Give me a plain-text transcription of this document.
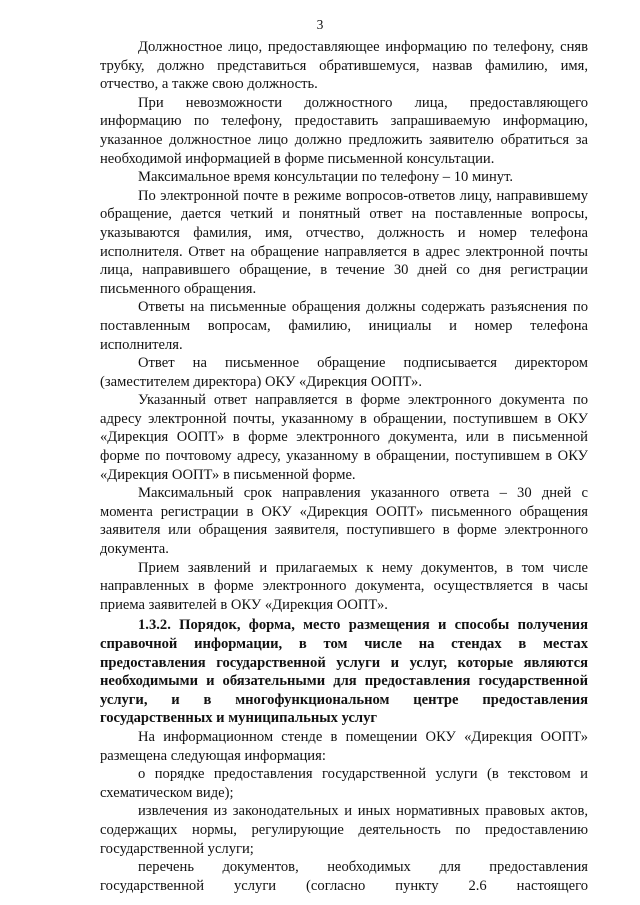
3

Должностное лицо, предоставляющее информацию по телефону, сняв трубку, должно представиться обратившемуся, назвав фамилию, имя, отчество, а также свою должность.

При невозможности должностного лица, предоставляющего информацию по телефону, предоставить запрашиваемую информацию, указанное должностное лицо должно предложить заявителю обратиться за необходимой информацией в форме письменной консультации.

Максимальное время консультации по телефону – 10 минут.

По электронной почте в режиме вопросов-ответов лицу, направившему обращение, дается четкий и понятный ответ на поставленные вопросы, указываются фамилия, имя, отчество, должность и номер телефона исполнителя. Ответ на обращение направляется в адрес электронной почты лица, направившего обращение, в течение 30 дней со дня регистрации письменного обращения.

Ответы на письменные обращения должны содержать разъяснения по поставленным вопросам, фамилию, инициалы и номер телефона исполнителя.

Ответ на письменное обращение подписывается директором (заместителем директора) ОКУ «Дирекция ООПТ».

Указанный ответ направляется в форме электронного документа по адресу электронной почты, указанному в обращении, поступившем в ОКУ «Дирекция ООПТ» в форме электронного документа, или в письменной форме по почтовому адресу, указанному в обращении, поступившем в ОКУ «Дирекция ООПТ» в письменной форме.

Максимальный срок направления указанного ответа – 30 дней с момента регистрации в ОКУ «Дирекция ООПТ» письменного обращения заявителя или обращения заявителя, поступившего в форме электронного документа.

Прием заявлений и прилагаемых к нему документов, в том числе направленных в форме электронного документа, осуществляется в часы приема заявителей в ОКУ «Дирекция ООПТ».

1.3.2. Порядок, форма, место размещения и способы получения справочной информации, в том числе на стендах в местах предоставления государственной услуги и услуг, которые являются необходимыми и обязательными для предоставления государственной услуги, и в многофункциональном центре предоставления государственных и муниципальных услуг

На информационном стенде в помещении ОКУ «Дирекция ООПТ» размещена следующая информация:

о порядке предоставления государственной услуги (в текстовом и схематическом виде);

извлечения из законодательных и иных нормативных правовых актов, содержащих нормы, регулирующие деятельность по предоставлению государственной услуги;

перечень документов, необходимых для предоставления государственной услуги (согласно пункту 2.6 настоящего
